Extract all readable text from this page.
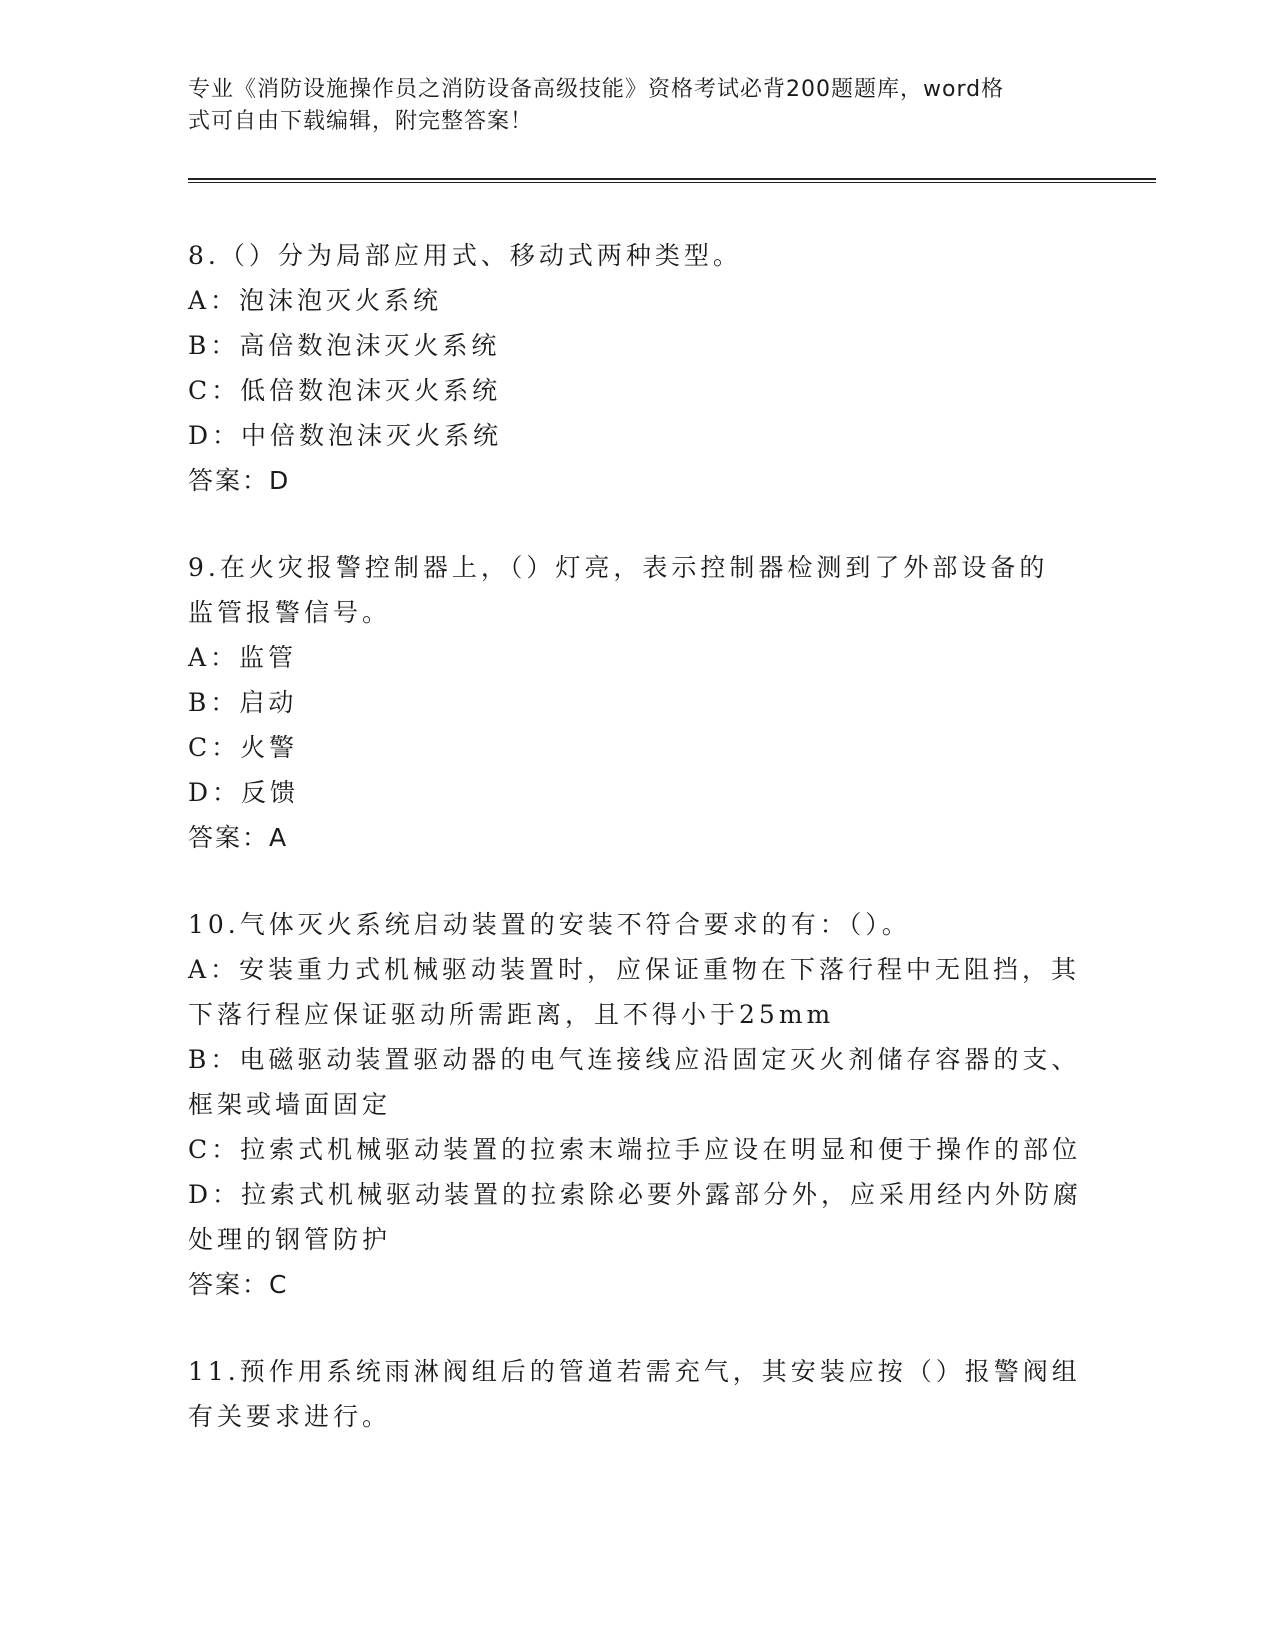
专业《消防设施操作员之消防设备高级技能》资格考试必背200题题库，word格
式可自由下载编辑，附完整答案！

8.（）分为局部应用式、移动式两种类型。

A：泡沫泡灭火系统

B：高倍数泡沫灭火系统

C：低倍数泡沫灭火系统

D：中倍数泡沫灭火系统

答案：D

9.在火灾报警控制器上，（）灯亮，表示控制器检测到了外部设备的

监管报警信号。

A：监管

B：启动

C：火警

D：反馈

答案：A

10.气体灭火系统启动装置的安装不符合要求的有：（）。

A：安装重力式机械驱动装置时，应保证重物在下落行程中无阻挡，其

下落行程应保证驱动所需距离，且不得小于25mm

B：电磁驱动装置驱动器的电气连接线应沿固定灭火剂储存容器的支、

框架或墙面固定

C：拉索式机械驱动装置的拉索末端拉手应设在明显和便于操作的部位

D：拉索式机械驱动装置的拉索除必要外露部分外，应采用经内外防腐

处理的钢管防护

答案：C

11.预作用系统雨淋阀组后的管道若需充气，其安装应按（）报警阀组

有关要求进行。
